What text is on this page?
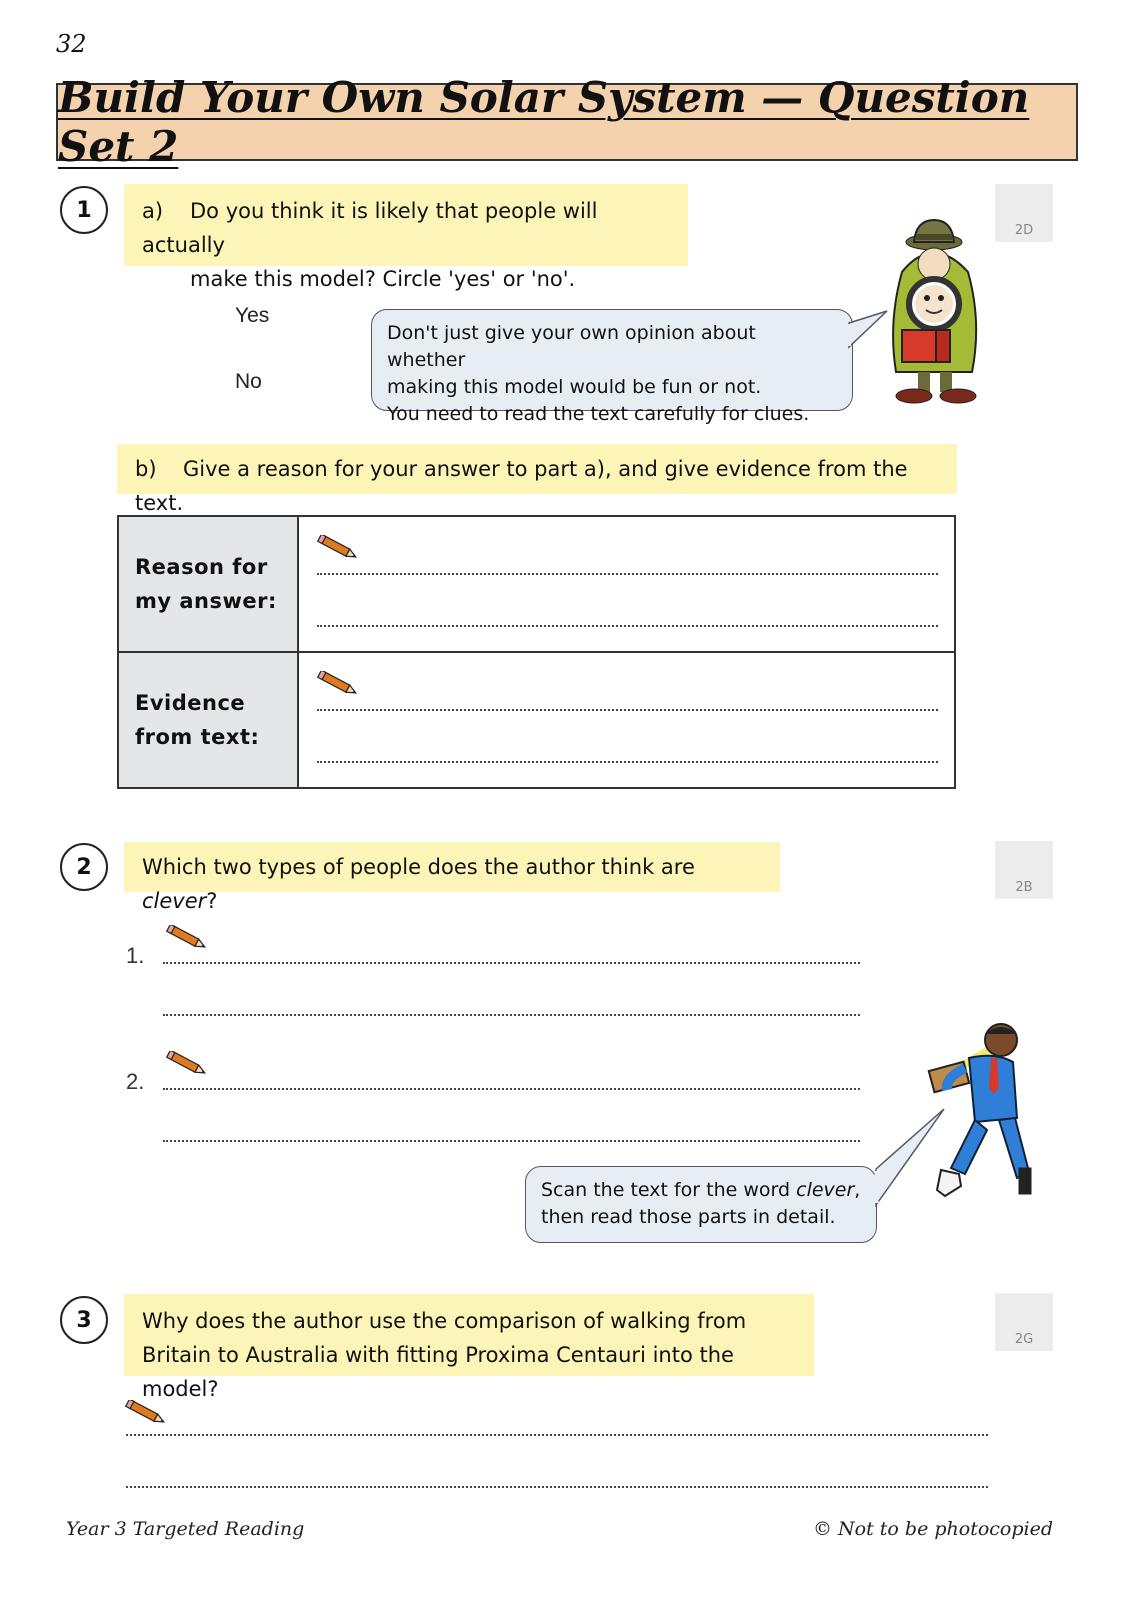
32
Build Your Own Solar System — Question Set 2
1	a) Do you think it is likely that people will actually
make this model? Circle 'yes' or 'no'.
2D
Yes
No
Don't just give your own opinion about whether
making this model would be fun or not.
You need to read the text carefully for clues.
b) Give a reason for your answer to part a), and give evidence from the text.
Reason for
my answer:

Evidence
from text:

2	Which two types of people does the author think are clever?
2B
1.
2.
Scan the text for the word clever,
then read those parts in detail.
3	Why does the author use the comparison of walking from
Britain to Australia with fitting Proxima Centauri into the model?
2G
Year 3 Targeted Reading	© Not to be photocopied
